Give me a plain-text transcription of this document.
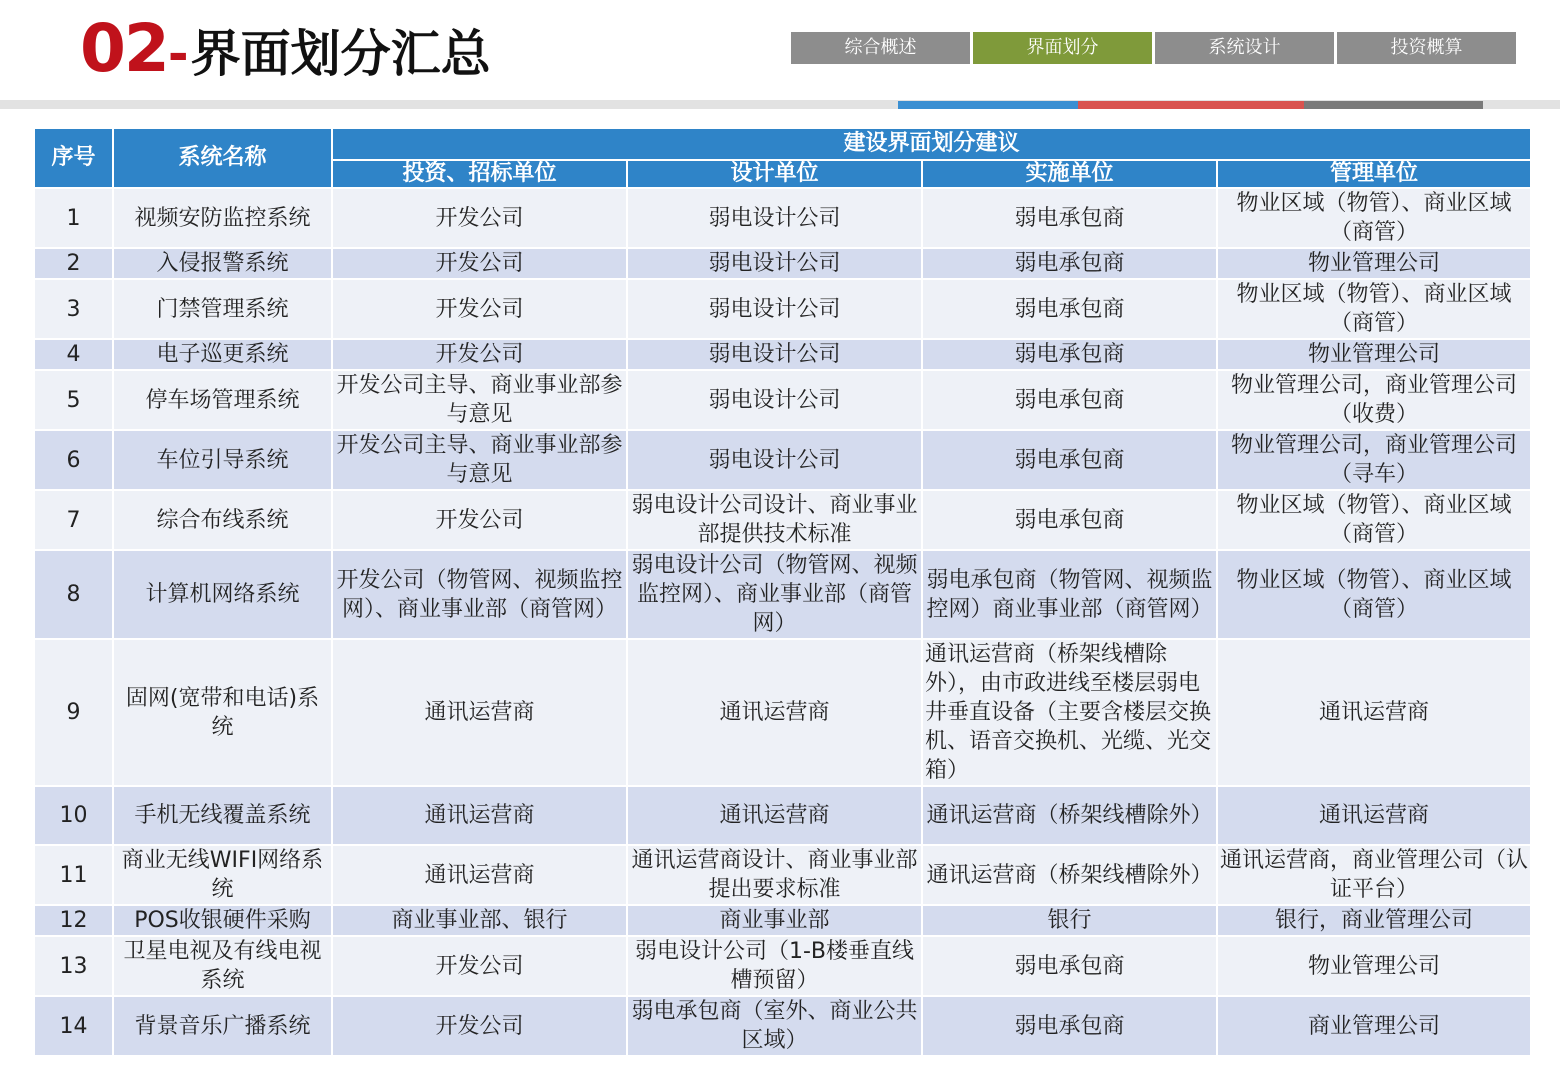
02 - 界面划分汇总	综合概述	界面划分	系统设计	投资概算
序号	系统名称	建设界面划分建议			
		投资、招标单位	设计单位	实施单位	管理单位
1	视频安防监控系统	开发公司	弱电设计公司	弱电承包商	物业区域（物管）、商业区域（商管）
2	入侵报警系统	开发公司	弱电设计公司	弱电承包商	物业管理公司
3	门禁管理系统	开发公司	弱电设计公司	弱电承包商	物业区域（物管）、商业区域（商管）
4	电子巡更系统	开发公司	弱电设计公司	弱电承包商	物业管理公司
5	停车场管理系统	开发公司主导、商业事业部参与意见	弱电设计公司	弱电承包商	物业管理公司，商业管理公司（收费）
6	车位引导系统	开发公司主导、商业事业部参与意见	弱电设计公司	弱电承包商	物业管理公司，商业管理公司（寻车）
7	综合布线系统	开发公司	弱电设计公司设计、商业事业部提供技术标准	弱电承包商	物业区域（物管）、商业区域（商管）
8	计算机网络系统	开发公司（物管网、视频监控网）、商业事业部（商管网）	弱电设计公司（物管网、视频监控网）、商业事业部（商管网）	弱电承包商（物管网、视频监控网）商业事业部（商管网）	物业区域（物管）、商业区域（商管）
9	固网(宽带和电话)系统	通讯运营商	通讯运营商	通讯运营商（桥架线槽除外），由市政进线至楼层弱电井垂直设备（主要含楼层交换机、语音交换机、光缆、光交箱）	通讯运营商
10	手机无线覆盖系统	通讯运营商	通讯运营商	通讯运营商（桥架线槽除外）	通讯运营商
11	商业无线WIFI网络系统	通讯运营商	通讯运营商设计、商业事业部提出要求标准	通讯运营商（桥架线槽除外）	通讯运营商，商业管理公司（认证平台）
12	POS收银硬件采购	商业事业部、银行	商业事业部	银行	银行，商业管理公司
13	卫星电视及有线电视系统	开发公司	弱电设计公司（1-B楼垂直线槽预留）	弱电承包商	物业管理公司
14	背景音乐广播系统	开发公司	弱电承包商（室外、商业公共区域）	弱电承包商	商业管理公司
